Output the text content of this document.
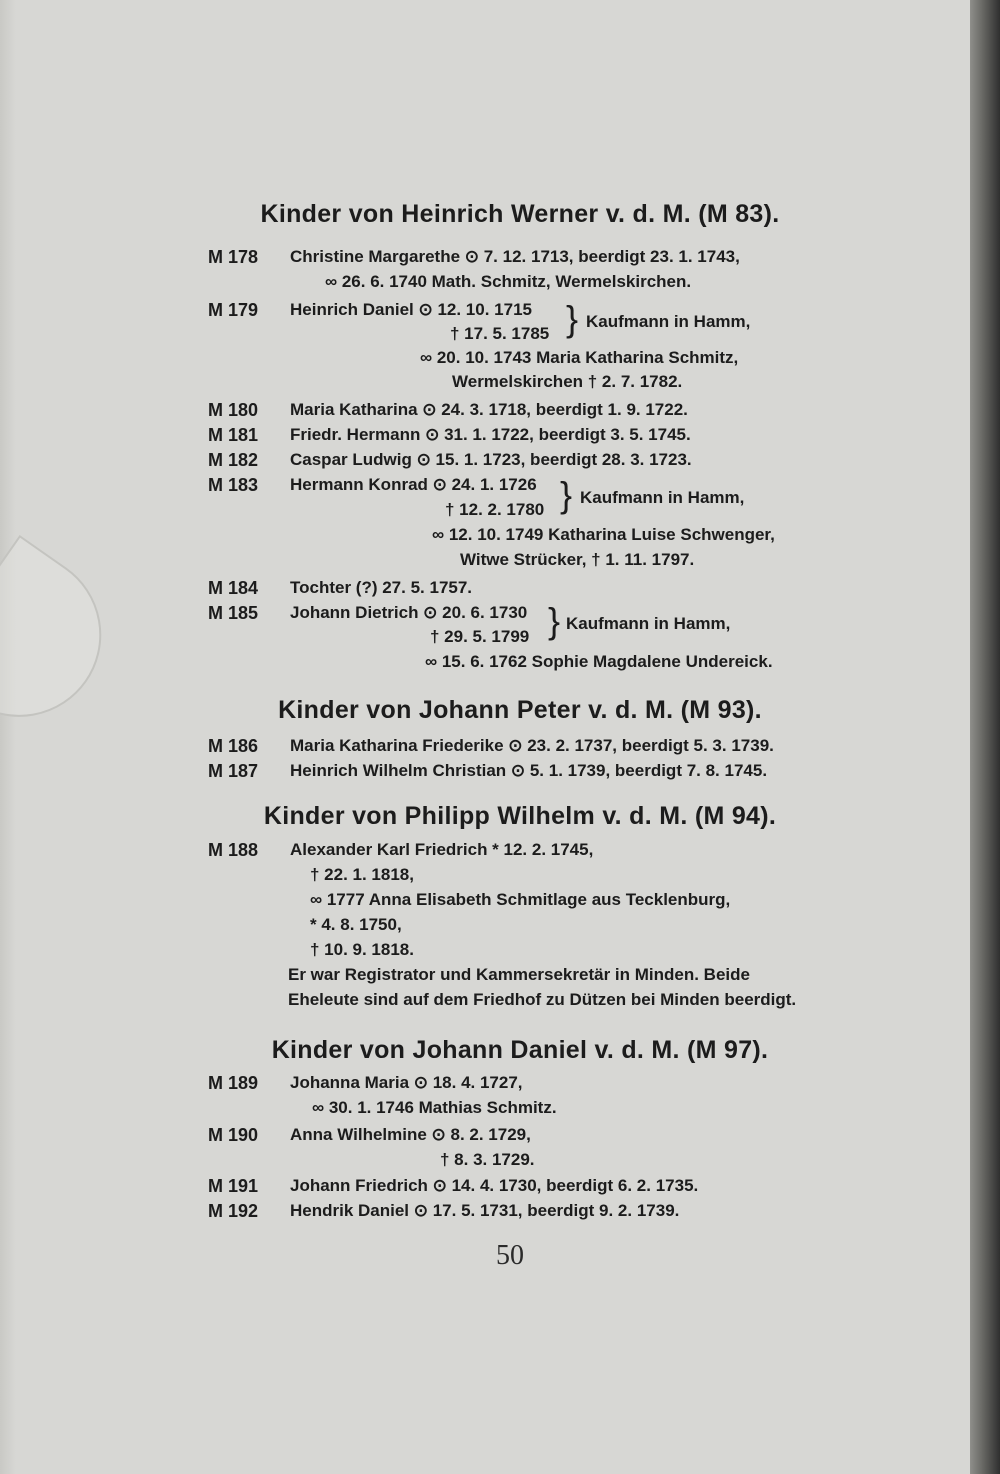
Kinder von Heinrich Werner v. d. M. (M 83).
M 178 Christine Margarethe ⊙ 7. 12. 1713, beerdigt 23. 1. 1743,
∞ 26. 6. 1740 Math. Schmitz, Wermelskirchen.
M 179 Heinrich Daniel ⊙ 12. 10. 1715
† 17. 5. 1785 } Kaufmann in Hamm,
∞ 20. 10. 1743 Maria Katharina Schmitz,
Wermelskirchen † 2. 7. 1782.
M 180 Maria Katharina ⊙ 24. 3. 1718, beerdigt 1. 9. 1722.
M 181 Friedr. Hermann ⊙ 31. 1. 1722, beerdigt 3. 5. 1745.
M 182 Caspar Ludwig ⊙ 15. 1. 1723, beerdigt 28. 3. 1723.
M 183 Hermann Konrad ⊙ 24. 1. 1726
† 12. 2. 1780 } Kaufmann in Hamm,
∞ 12. 10. 1749 Katharina Luise Schwenger,
Witwe Strücker, † 1. 11. 1797.
M 184 Tochter (?) 27. 5. 1757.
M 185 Johann Dietrich ⊙ 20. 6. 1730
† 29. 5. 1799 } Kaufmann in Hamm,
∞ 15. 6. 1762 Sophie Magdalene Undereick.
Kinder von Johann Peter v. d. M. (M 93).
M 186 Maria Katharina Friederike ⊙ 23. 2. 1737, beerdigt 5. 3. 1739.
M 187 Heinrich Wilhelm Christian ⊙ 5. 1. 1739, beerdigt 7. 8. 1745.
Kinder von Philipp Wilhelm v. d. M. (M 94).
M 188 Alexander Karl Friedrich * 12. 2. 1745,
† 22. 1. 1818,
∞ 1777 Anna Elisabeth Schmitlage aus Tecklenburg,
* 4. 8. 1750,
† 10. 9. 1818.
Er war Registrator und Kammersekretär in Minden. Beide
Eheleute sind auf dem Friedhof zu Dützen bei Minden beerdigt.
Kinder von Johann Daniel v. d. M. (M 97).
M 189 Johanna Maria ⊙ 18. 4. 1727,
∞ 30. 1. 1746 Mathias Schmitz.
M 190 Anna Wilhelmine ⊙ 8. 2. 1729,
† 8. 3. 1729.
M 191 Johann Friedrich ⊙ 14. 4. 1730, beerdigt 6. 2. 1735.
M 192 Hendrik Daniel ⊙ 17. 5. 1731, beerdigt 9. 2. 1739.
50
